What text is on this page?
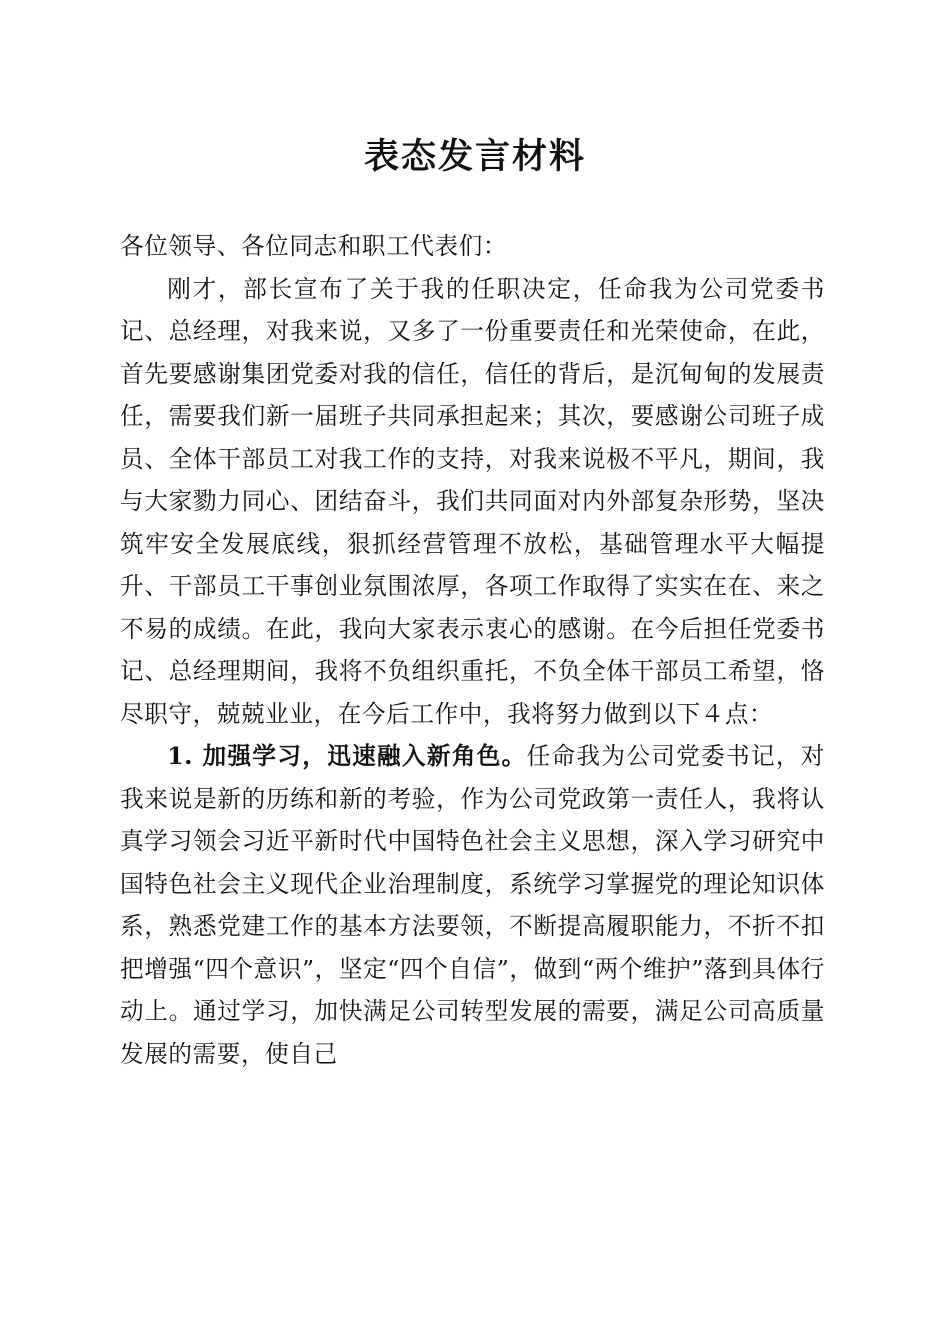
表态发言材料

各位领导、各位同志和职工代表们：

刚才，部长宣布了关于我的任职决定，任命我为公司党委书记、总经理，对我来说，又多了一份重要责任和光荣使命，在此，首先要感谢集团党委对我的信任，信任的背后，是沉甸甸的发展责任，需要我们新一届班子共同承担起来；其次，要感谢公司班子成员、全体干部员工对我工作的支持，对我来说极不平凡，期间，我与大家勠力同心、团结奋斗，我们共同面对内外部复杂形势，坚决筑牢安全发展底线，狠抓经营管理不放松，基础管理水平大幅提升、干部员工干事创业氛围浓厚，各项工作取得了实实在在、来之不易的成绩。在此，我向大家表示衷心的感谢。在今后担任党委书记、总经理期间，我将不负组织重托，不负全体干部员工希望，恪尽职守，兢兢业业，在今后工作中，我将努力做到以下４点：

1. 加强学习，迅速融入新角色。任命我为公司党委书记，对我来说是新的历练和新的考验，作为公司党政第一责任人，我将认真学习领会习近平新时代中国特色社会主义思想，深入学习研究中国特色社会主义现代企业治理制度，系统学习掌握党的理论知识体系，熟悉党建工作的基本方法要领，不断提高履职能力，不折不扣把增强“四个意识”，坚定“四个自信”，做到“两个维护”落到具体行动上。通过学习，加快满足公司转型发展的需要，满足公司高质量发展的需要，使自己
